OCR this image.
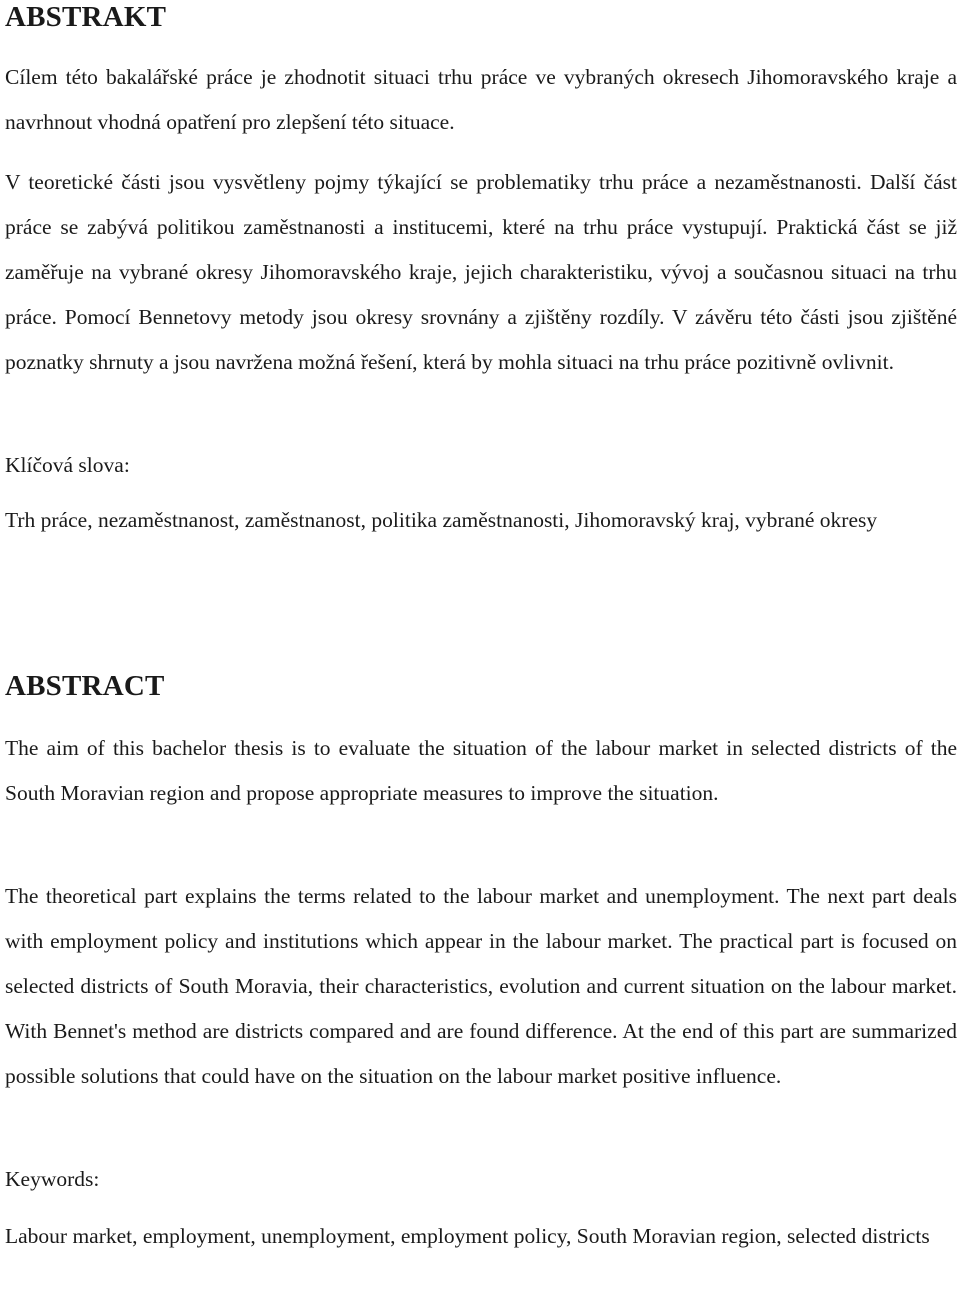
ABSTRAKT

Cílem této bakalářské práce je zhodnotit situaci trhu práce ve vybraných okresech Jihomoravského kraje a navrhnout vhodná opatření pro zlepšení této situace.

V teoretické části jsou vysvětleny pojmy týkající se problematiky trhu práce a nezaměstnanosti. Další část práce se zabývá politikou zaměstnanosti a institucemi, které na trhu práce vystupují. Praktická část se již zaměřuje na vybrané okresy Jihomoravského kraje, jejich charakteristiku, vývoj a současnou situaci na trhu práce. Pomocí Bennetovy metody jsou okresy srovnány a zjištěny rozdíly. V závěru této části jsou zjištěné poznatky shrnuty a jsou navržena možná řešení, která by mohla situaci na trhu práce pozitivně ovlivnit.

Klíčová slova:

Trh práce, nezaměstnanost, zaměstnanost, politika zaměstnanosti, Jihomoravský kraj, vybrané okresy

ABSTRACT

The aim of this bachelor thesis is to evaluate the situation of the labour market in selected districts of the South Moravian region and propose appropriate measures to improve the situation.

The theoretical part explains the terms related to the labour market and unemployment. The next part deals with employment policy and institutions which appear in the labour market. The practical part is focused on selected districts of South Moravia, their characteristics, evolution and current situation on the labour market. With Bennet's method are districts compared and are found difference. At the end of this part are summarized possible solutions that could have on the situation on the labour market positive influence.

Keywords:

Labour market, employment, unemployment, employment policy, South Moravian region, selected districts
